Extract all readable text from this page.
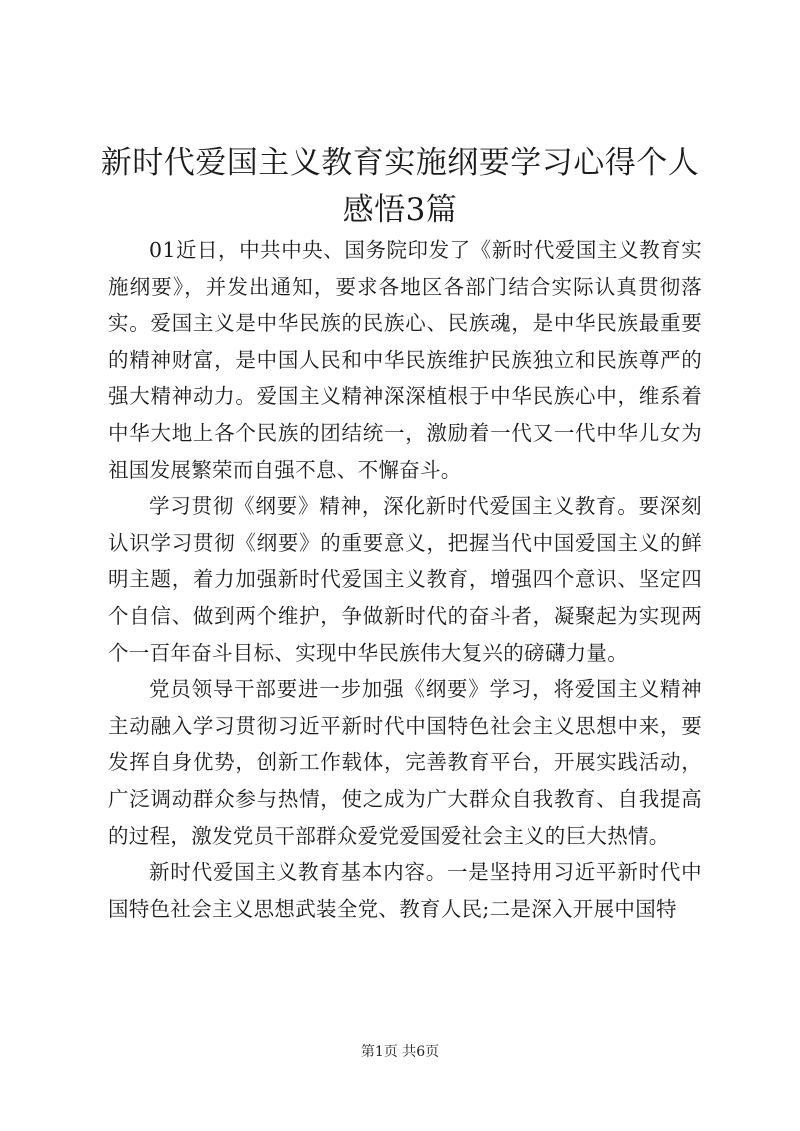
新时代爱国主义教育实施纲要学习心得个人感悟3篇

01近日，中共中央、国务院印发了《新时代爱国主义教育实施纲要》，并发出通知，要求各地区各部门结合实际认真贯彻落实。爱国主义是中华民族的民族心、民族魂，是中华民族最重要的精神财富，是中国人民和中华民族维护民族独立和民族尊严的强大精神动力。爱国主义精神深深植根于中华民族心中，维系着中华大地上各个民族的团结统一，激励着一代又一代中华儿女为祖国发展繁荣而自强不息、不懈奋斗。

学习贯彻《纲要》精神，深化新时代爱国主义教育。要深刻认识学习贯彻《纲要》的重要意义，把握当代中国爱国主义的鲜明主题，着力加强新时代爱国主义教育，增强四个意识、坚定四个自信、做到两个维护，争做新时代的奋斗者，凝聚起为实现两个一百年奋斗目标、实现中华民族伟大复兴的磅礴力量。

党员领导干部要进一步加强《纲要》学习，将爱国主义精神主动融入学习贯彻习近平新时代中国特色社会主义思想中来，要发挥自身优势，创新工作载体，完善教育平台，开展实践活动，广泛调动群众参与热情，使之成为广大群众自我教育、自我提高的过程，激发党员干部群众爱党爱国爱社会主义的巨大热情。

新时代爱国主义教育基本内容。一是坚持用习近平新时代中国特色社会主义思想武装全党、教育人民;二是深入开展中国特

第1页 共6页
